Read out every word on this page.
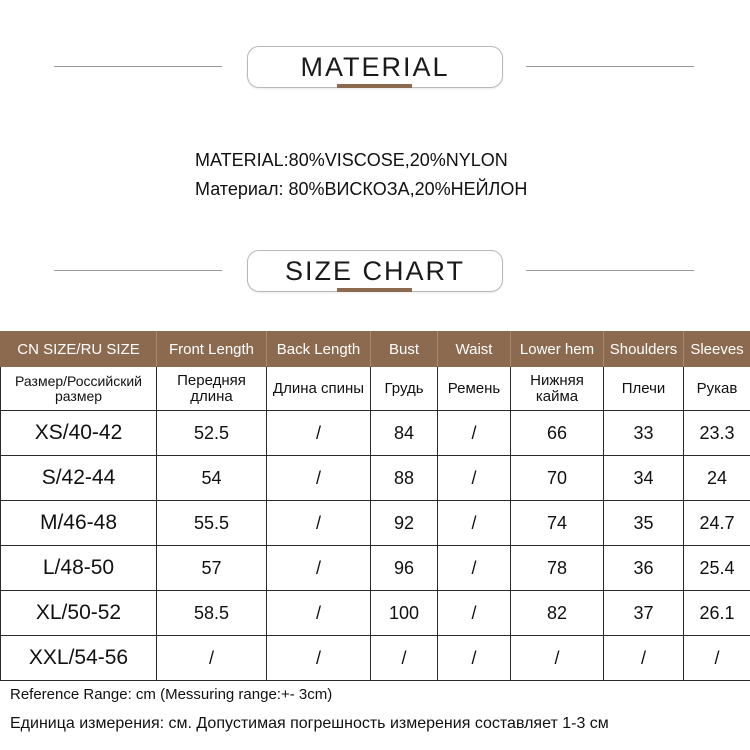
MATERIAL
MATERIAL:80%VISCOSE,20%NYLON
Материал: 80%ВИСКОЗА,20%НЕЙЛОН
SIZE CHART
CN SIZE/RU SIZE	Front Length	Back Length	Bust	Waist	Lower hem	Shoulders	Sleeves
Размер/Российский размер	Передняя длина	Длина спины	Грудь	Ремень	Нижняя кайма	Плечи	Рукав
XS/40-42	52.5	/	84	/	66	33	23.3
S/42-44	54	/	88	/	70	34	24
M/46-48	55.5	/	92	/	74	35	24.7
L/48-50	57	/	96	/	78	36	25.4
XL/50-52	58.5	/	100	/	82	37	26.1
XXL/54-56	/	/	/	/	/	/	/
Reference Range: cm (Messuring range:+- 3cm)
Единица измерения: см. Допустимая погрешность измерения составляет 1-3 см
